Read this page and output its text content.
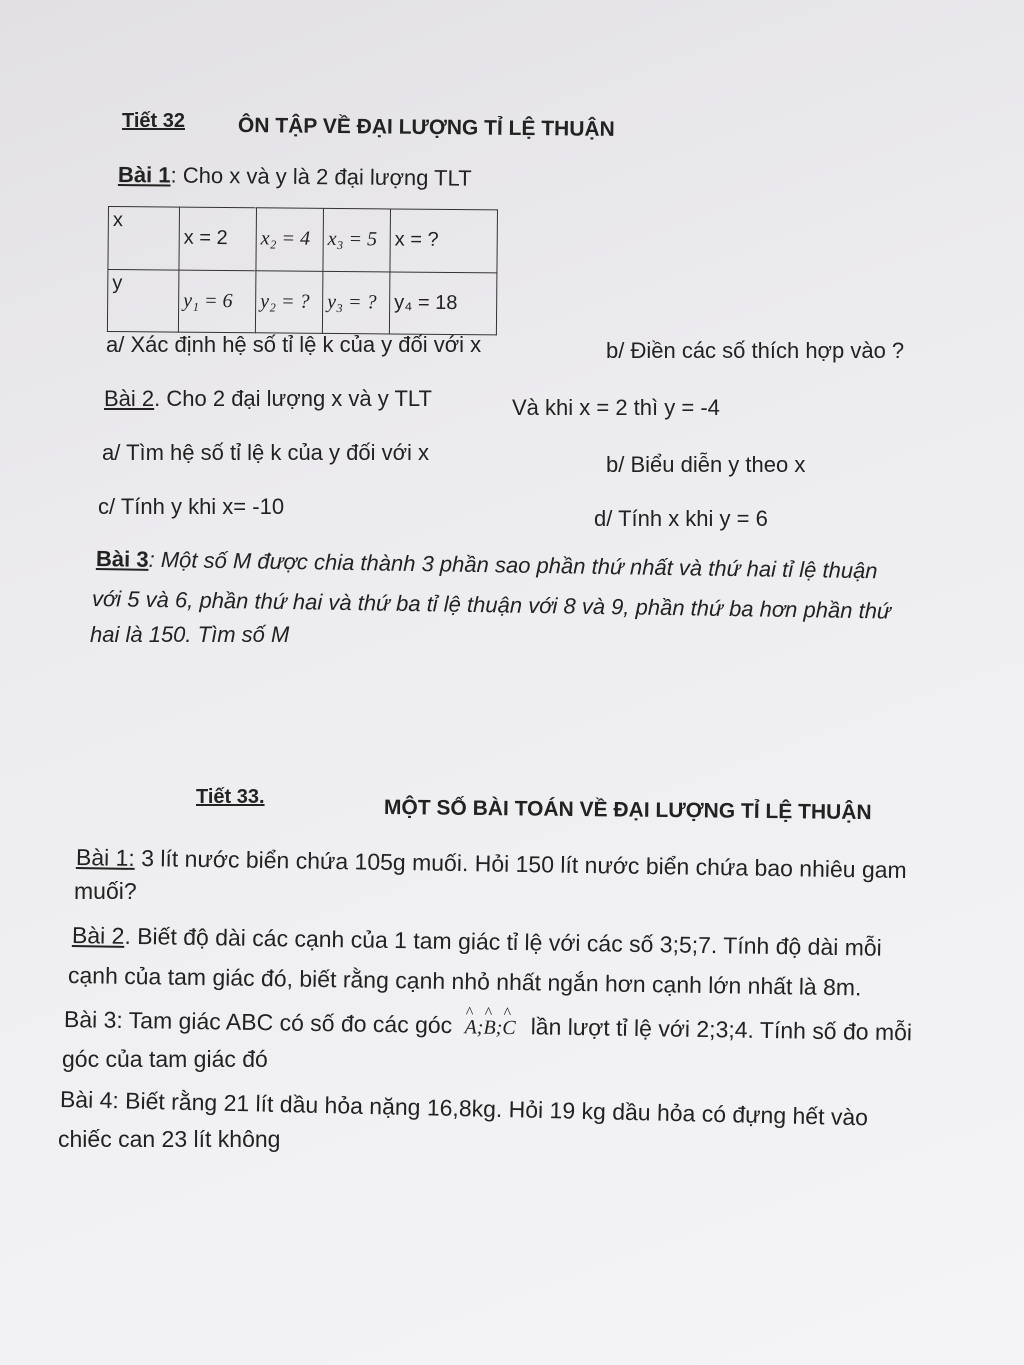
Tiết 32	ÔN TẬP VỀ ĐẠI LƯỢNG TỈ LỆ THUẬN
Bài 1: Cho x và y là 2 đại lượng TLT
x	x = 2	x₂ = 4	x₃ = 5	x = ?
y	y₁ = 6	y₂ = ?	y₃ = ?	y₄ = 18
a/ Xác định hệ số tỉ lệ k của y đối với x	b/ Điền các số thích hợp vào ?
Bài 2. Cho 2 đại lượng x và y TLT	Và khi x = 2 thì y = -4
a/ Tìm hệ số tỉ lệ k của y đối với x	b/ Biểu diễn y theo x
c/ Tính y khi x= -10	d/ Tính x khi y = 6
Bài 3: Một số M được chia thành 3 phần sao phần thứ nhất và thứ hai tỉ lệ thuận
với 5 và 6, phần thứ hai và thứ ba tỉ lệ thuận với 8 và 9, phần thứ ba hơn phần thứ
hai là 150. Tìm số M
Tiết 33.	MỘT SỐ BÀI TOÁN VỀ ĐẠI LƯỢNG TỈ LỆ THUẬN
Bài 1: 3 lít nước biển chứa 105g muối. Hỏi 150 lít nước biển chứa bao nhiêu gam
muối?
Bài 2. Biết độ dài các cạnh của 1 tam giác tỉ lệ với các số 3;5;7. Tính độ dài mỗi
cạnh của tam giác đó, biết rằng cạnh nhỏ nhất ngắn hơn cạnh lớn nhất là 8m.
Bài 3: Tam giác ABC có số đo các góc ^ A;^ B;^ C lần lượt tỉ lệ với 2;3;4. Tính số đo mỗi
góc của tam giác đó
Bài 4: Biết rằng 21 lít dầu hỏa nặng 16,8kg. Hỏi 19 kg dầu hỏa có đựng hết vào
chiếc can 23 lít không
